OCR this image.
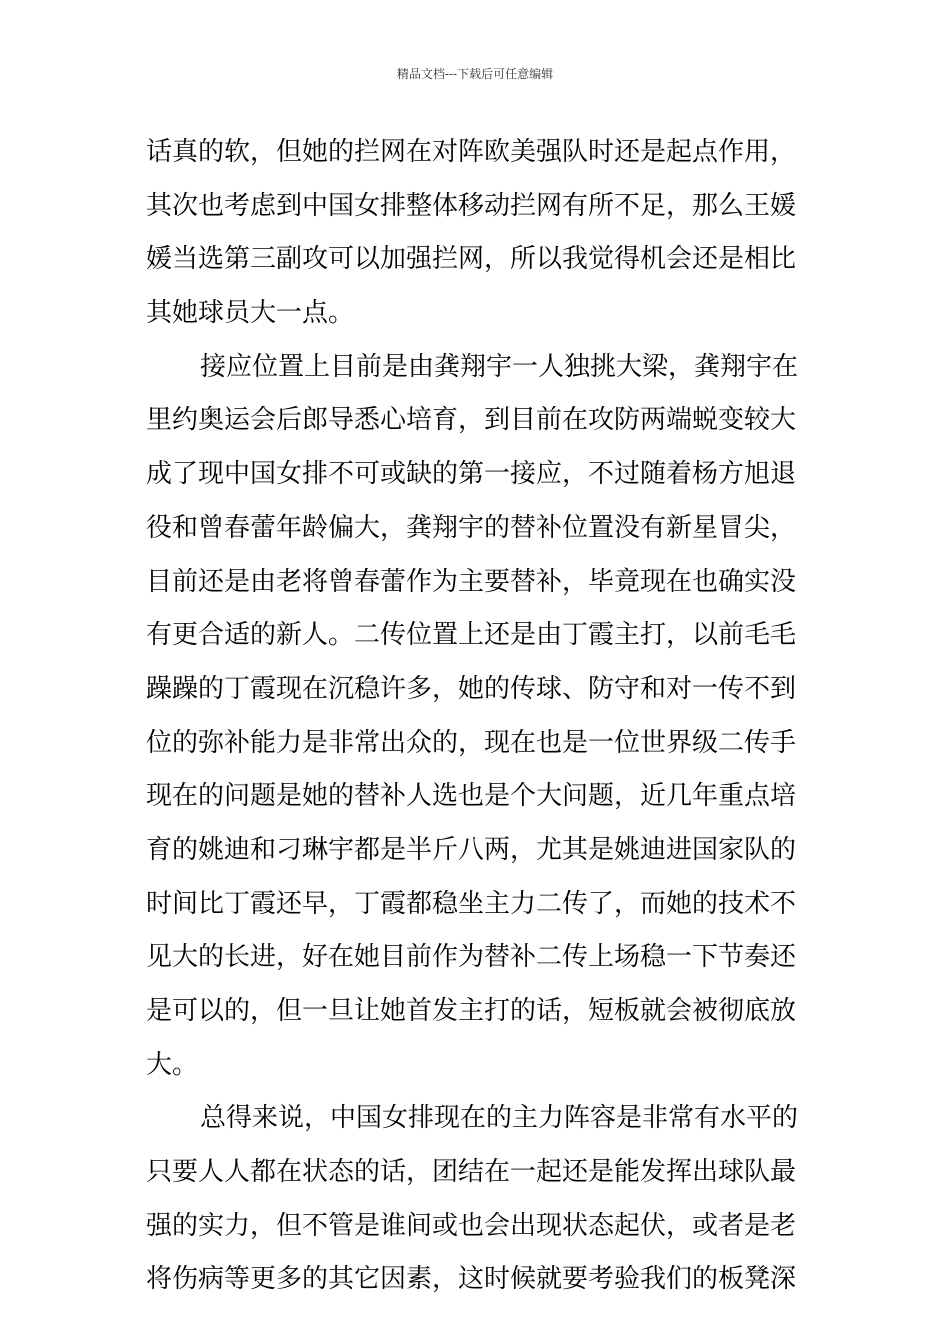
精品文档---下载后可任意编辑
话真的软，但她的拦网在对阵欧美强队时还是起点作用，
其次也考虑到中国女排整体移动拦网有所不足，那么王媛
媛当选第三副攻可以加强拦网，所以我觉得机会还是相比
其她球员大一点。
接应位置上目前是由龚翔宇一人独挑大梁，龚翔宇在
里约奥运会后郎导悉心培育，到目前在攻防两端蜕变较大
成了现中国女排不可或缺的第一接应，不过随着杨方旭退
役和曾春蕾年龄偏大，龚翔宇的替补位置没有新星冒尖，
目前还是由老将曾春蕾作为主要替补，毕竟现在也确实没
有更合适的新人。二传位置上还是由丁霞主打，以前毛毛
躁躁的丁霞现在沉稳许多，她的传球、防守和对一传不到
位的弥补能力是非常出众的，现在也是一位世界级二传手
现在的问题是她的替补人选也是个大问题，近几年重点培
育的姚迪和刁琳宇都是半斤八两，尤其是姚迪进国家队的
时间比丁霞还早，丁霞都稳坐主力二传了，而她的技术不
见大的长进，好在她目前作为替补二传上场稳一下节奏还
是可以的，但一旦让她首发主打的话，短板就会被彻底放
大。
总得来说，中国女排现在的主力阵容是非常有水平的
只要人人都在状态的话，团结在一起还是能发挥出球队最
强的实力，但不管是谁间或也会出现状态起伏，或者是老
将伤病等更多的其它因素，这时候就要考验我们的板凳深
